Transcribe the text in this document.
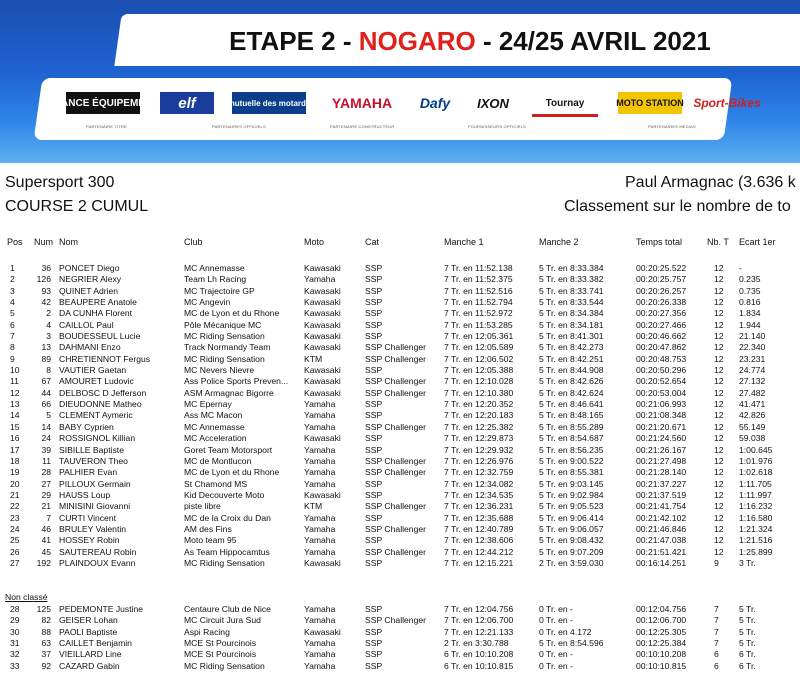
ETAPE 2 - NOGARO - 24/25 AVRIL 2021
FRANCE ÉQUIPEMENT elf	mutuelle des motards YAMAHA Dafy IXON	Tournay	MOTO STATION Sport-Bikes
PARTENAIRE TITRE	PARTENAIRES OFFICIELS	PARTENAIRE CONSTRUCTEUR	FOURNISSEURS OFFICIELS	PARTENAIRES MEDIAS
Supersport 300	Paul Armagnac (3.636 k
COURSE 2 CUMUL	Classement sur le nombre de to
Pos Num Nom	Club	Moto	Cat	Manche 1	Manche 2	Temps total	Nb. T Ecart 1er
1	36 PONCET Diego	MC Annemasse	Kawasaki	SSP	7 Tr. en 11:52.138	5 Tr. en 8:33.384	00:20:25.522	12 -
2	126 NEGRIER Alexy	Team Lh Racing	Yamaha	SSP	7 Tr. en 11:52.375	5 Tr. en 8:33.382	00:20:25.757	12 0.235
3	93 QUINET Adrien	MC Trajectoire GP	Kawasaki	SSP	7 Tr. en 11:52.516	5 Tr. en 8:33.741	00:20:26.257	12 0.735
4	42 BEAUPERE Anatole	MC Angevin	Kawasaki	SSP	7 Tr. en 11:52.794	5 Tr. en 8:33.544	00:20:26.338	12 0.816
5	2 DA CUNHA Florent	MC de Lyon et du Rhone	Kawasaki	SSP	7 Tr. en 11:52.972	5 Tr. en 8:34.384	00:20:27.356	12 1.834
6	4 CAILLOL Paul	Pôle Mécanique MC	Kawasaki	SSP	7 Tr. en 11:53.285	5 Tr. en 8:34.181	00:20:27.466	12 1.944
7	3 BOUDESSEUL Lucie	MC Riding Sensation	Kawasaki	SSP	7 Tr. en 12:05.361	5 Tr. en 8:41.301	00:20:46.662	12 21.140
8	13 DAHMANI Enzo	Track Normandy Team	Kawasaki	SSP Challenger 7 Tr. en 12:05.589	5 Tr. en 8:42.273	00:20:47.862	12 22.340
9	89 CHRETIENNOT Fergus	MC Riding Sensation	KTM	SSP Challenger 7 Tr. en 12:06.502	5 Tr. en 8:42.251	00:20:48.753	12 23.231
10	8 VAUTIER Gaetan	MC Nevers Nievre	Kawasaki	SSP	7 Tr. en 12:05.388	5 Tr. en 8:44.908	00:20:50.296	12 24.774
11	67 AMOURET Ludovic	Ass Police Sports Preven... Kawasaki	SSP Challenger 7 Tr. en 12:10.028	5 Tr. en 8:42.626	00:20:52.654	12 27.132
12	44 DELBOSC D Jefferson	ASM Armagnac Bigorre	Kawasaki	SSP Challenger 7 Tr. en 12:10.380	5 Tr. en 8:42.624	00:20:53.004	12 27.482
13	66 DIEUDONNE Matheo	MC Epernay	Yamaha	SSP	7 Tr. en 12:20.352	5 Tr. en 8:46.641	00:21:06.993	12 41.471
14	5 CLEMENT Aymeric	Ass MC Macon	Yamaha	SSP	7 Tr. en 12:20.183	5 Tr. en 8:48.165	00:21:08.348	12 42.826
15	14 BABY Cyprien	MC Annemasse	Yamaha	SSP Challenger 7 Tr. en 12:25.382	5 Tr. en 8:55.289	00:21:20.671	12 55.149
16	24 ROSSIGNOL Killian	MC Acceleration	Kawasaki	SSP	7 Tr. en 12:29.873	5 Tr. en 8:54.687	00:21:24.560	12 59.038
17	39 SIBILLE Baptiste	Goret Team Motorsport	Yamaha	SSP	7 Tr. en 12:29.932	5 Tr. en 8:56.235	00:21:26.167	12 1:00.645
18	11 TAUVERON Theo	MC de Montlucon	Yamaha	SSP Challenger 7 Tr. en 12:26.976	5 Tr. en 9:00.522	00:21:27.498	12 1:01.976
19	28 PALHIER Evan	MC de Lyon et du Rhone	Yamaha	SSP Challenger 7 Tr. en 12:32.759	5 Tr. en 8:55.381	00:21:28.140	12 1:02.618
20	27 PILLOUX Germain	St Chamond MS	Yamaha	SSP	7 Tr. en 12:34.082	5 Tr. en 9:03.145	00:21:37.227	12 1:11.705
21	29 HAUSS Loup	Kid Decouverte Moto	Kawasaki	SSP	7 Tr. en 12:34.535	5 Tr. en 9:02.984	00:21:37.519	12 1:11.997
22	21 MINISINI Giovanni	piste libre	KTM	SSP Challenger 7 Tr. en 12:36.231	5 Tr. en 9:05.523	00:21:41.754	12 1:16.232
23	7 CURTI Vincent	MC de la Croix du Dan	Yamaha	SSP	7 Tr. en 12:35.688	5 Tr. en 9:06.414	00:21:42.102	12 1:16.580
24	46 BRULEY Valentin	AM des Fins	Yamaha	SSP Challenger 7 Tr. en 12:40.789	5 Tr. en 9:06.057	00:21:46.846	12 1:21.324
25	41 HOSSEY Robin	Moto team 95	Yamaha	SSP	7 Tr. en 12:38.606	5 Tr. en 9:08.432	00:21:47.038	12 1:21.516
26	45 SAUTEREAU Robin	As Team Hippocamtus	Yamaha	SSP Challenger 7 Tr. en 12:44.212	5 Tr. en 9:07.209	00:21:51.421	12 1:25.899
27	192 PLAINDOUX Evann	MC Riding Sensation	Kawasaki	SSP	7 Tr. en 12:15.221	2 Tr. en 3:59.030	00:16:14.251	9 3 Tr.
Non classé
28	125 PEDEMONTE Justine	Centaure Club de Nice	Yamaha	SSP	7 Tr. en 12:04.756	0 Tr. en -	00:12:04.756	7 5 Tr.
29	82 GEISER Lohan	MC Circuit Jura Sud	Yamaha	SSP Challenger 7 Tr. en 12:06.700	0 Tr. en -	00:12:06.700	7 5 Tr.
30	88 PAOLI Baptiste	Aspi Racing	Kawasaki	SSP	7 Tr. en 12:21.133	0 Tr. en 4.172	00:12:25.305	7 5 Tr.
31	63 CAILLET Benjamin	MCE St Pourcinois	Yamaha	SSP	2 Tr. en 3:30.788	5 Tr. en 8:54.596	00:12:25.384	7 5 Tr.
32	37 VIEILLARD Line	MCE St Pourcinois	Yamaha	SSP	6 Tr. en 10:10.208	0 Tr. en -	00:10:10.208	6 6 Tr.
33	92 CAZARD Gabin	MC Riding Sensation	Yamaha	SSP	6 Tr. en 10:10.815	0 Tr. en -	00:10:10.815	6 6 Tr.
